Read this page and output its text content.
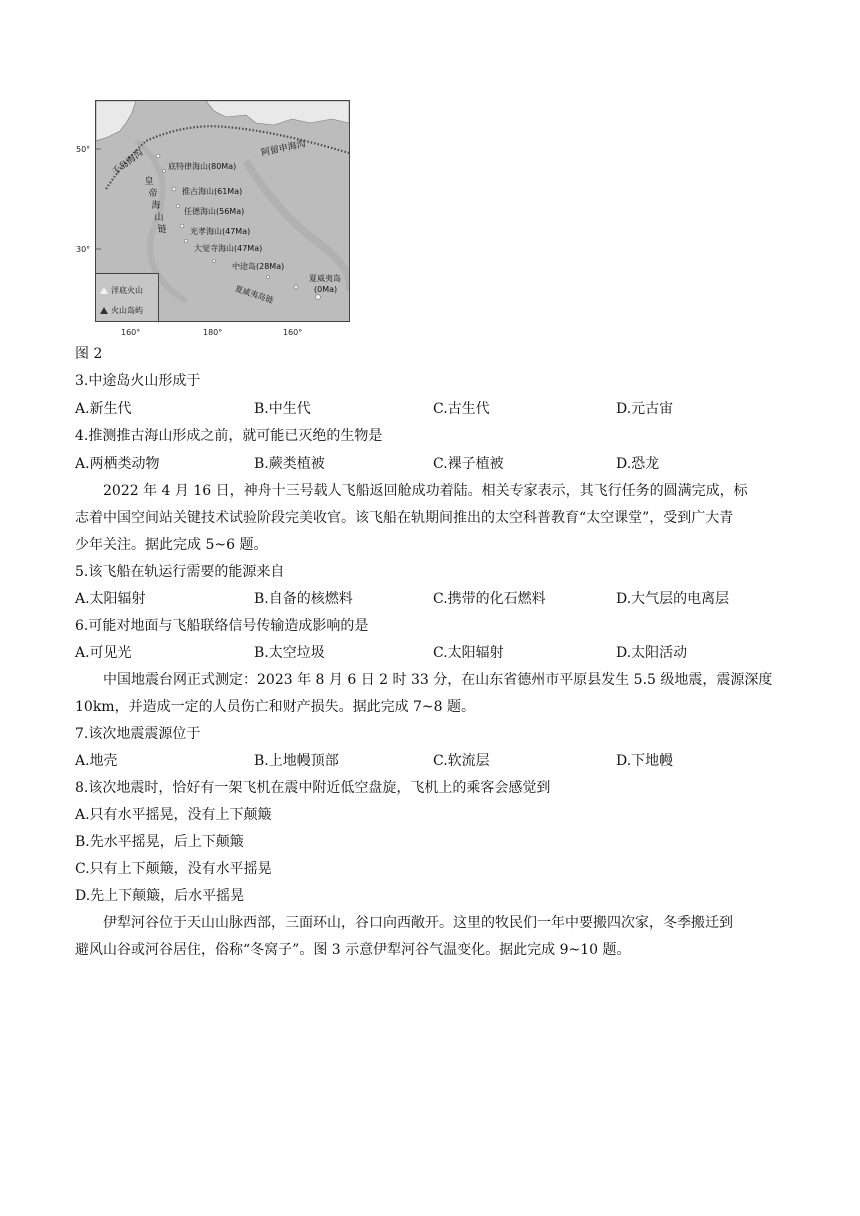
50°
30°
160°	180°	160°
千岛海沟	阿留申海沟
皇
帝
海
山
链
底特律海山(80Ma)
推古海山(61Ma)
任德海山(56Ma)
光孝海山(47Ma)
大觉寺海山(47Ma)
中途岛(28Ma)
夏威夷岛
(0Ma)
夏威夷岛链
洋底火山
火山岛屿
图 2
3.中途岛火山形成于
A.新生代	B.中生代	C.古生代	D.元古宙
4.推测推古海山形成之前，就可能已灭绝的生物是
A.两栖类动物	B.蕨类植被	C.裸子植被	D.恐龙
2022 年 4 月 16 日，神舟十三号载人飞船返回舱成功着陆。相关专家表示，其飞行任务的圆满完成，标
志着中国空间站关键技术试验阶段完美收官。该飞船在轨期间推出的太空科普教育“太空课堂”，受到广大青
少年关注。据此完成 5~6 题。
5.该飞船在轨运行需要的能源来自
A.太阳辐射	B.自备的核燃料	C.携带的化石燃料	D.大气层的电离层
6.可能对地面与飞船联络信号传输造成影响的是
A.可见光	B.太空垃圾	C.太阳辐射	D.太阳活动
中国地震台网正式测定：2023 年 8 月 6 日 2 时 33 分，在山东省德州市平原县发生 5.5 级地震，震源深度
10km，并造成一定的人员伤亡和财产损失。据此完成 7~8 题。
7.该次地震震源位于
A.地壳	B.上地幔顶部	C.软流层	D.下地幔
8.该次地震时，恰好有一架飞机在震中附近低空盘旋，飞机上的乘客会感觉到
A.只有水平摇晃，没有上下颠簸
B.先水平摇晃，后上下颠簸
C.只有上下颠簸，没有水平摇晃
D.先上下颠簸，后水平摇晃
伊犁河谷位于天山山脉西部，三面环山，谷口向西敞开。这里的牧民们一年中要搬四次家，冬季搬迁到
避风山谷或河谷居住，俗称“冬窝子”。图 3 示意伊犁河谷气温变化。据此完成 9~10 题。
